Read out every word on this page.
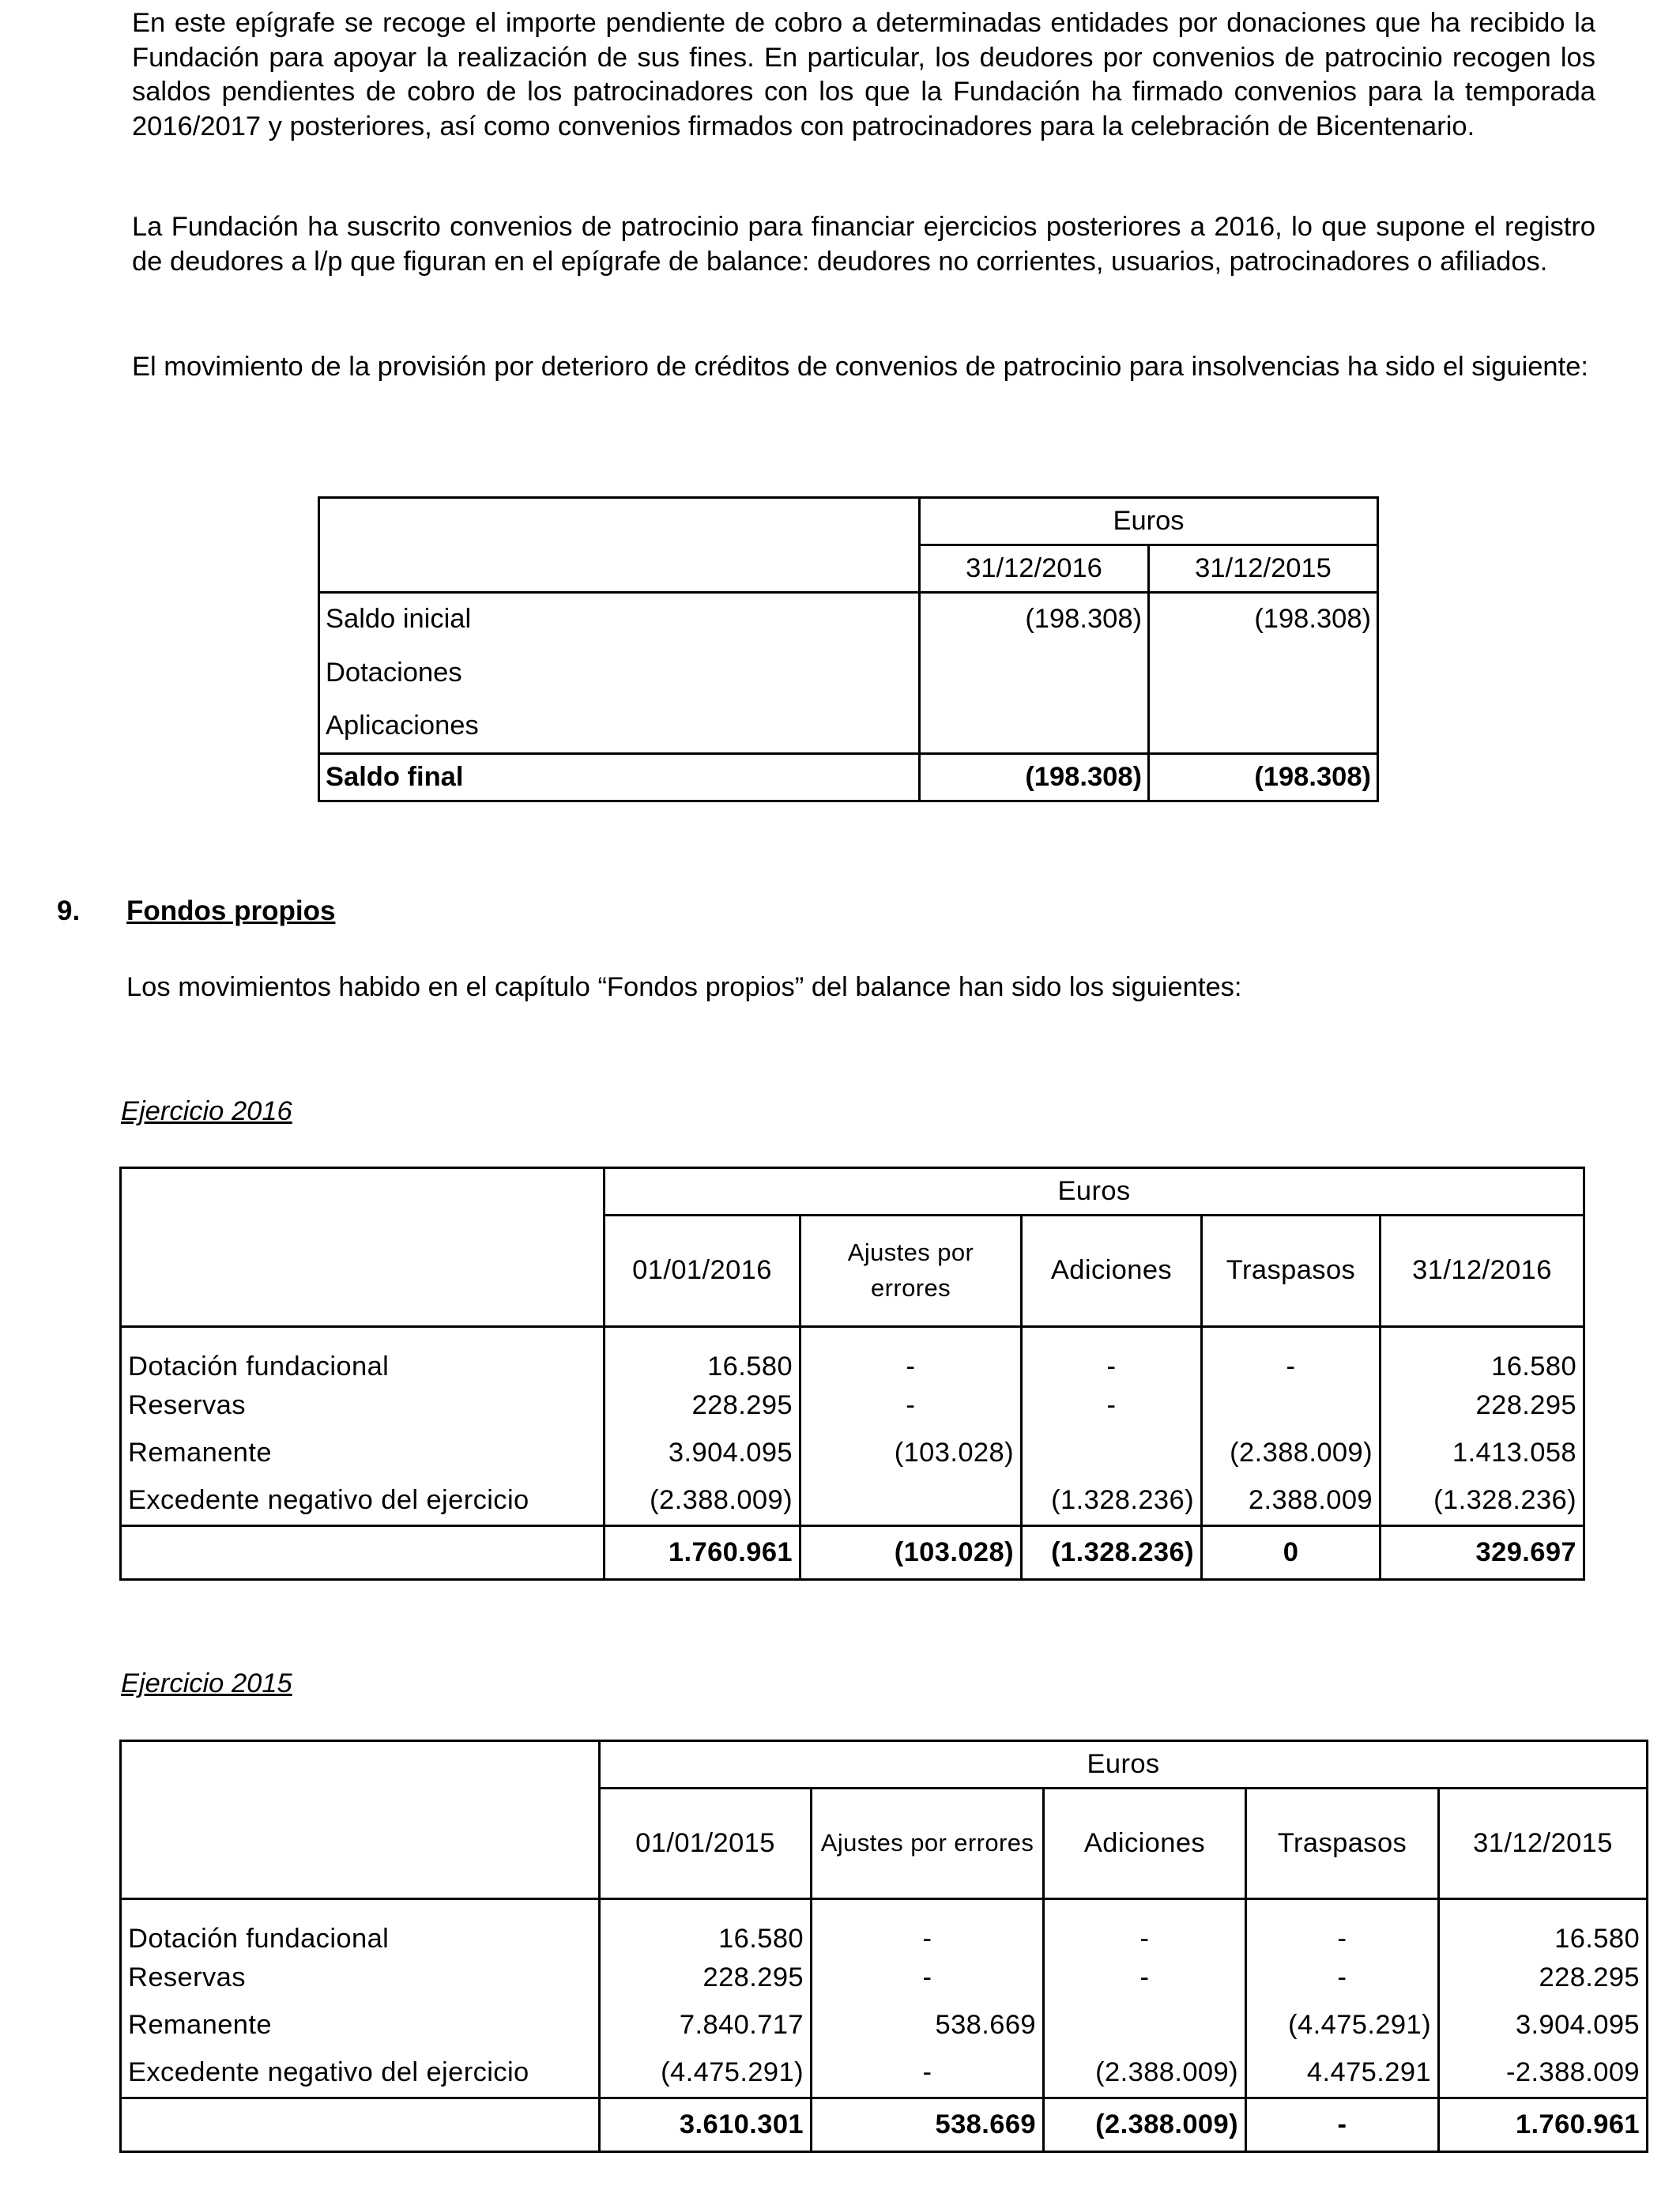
En este epígrafe se recoge el importe pendiente de cobro a determinadas entidades por donaciones que ha recibido la Fundación para apoyar la realización de sus fines. En particular, los deudores por convenios de patrocinio recogen los saldos pendientes de cobro de los patrocinadores con los que la Fundación ha firmado convenios para la temporada 2016/2017 y posteriores, así como convenios firmados con patrocinadores para la celebración de Bicentenario.

La Fundación ha suscrito convenios de patrocinio para financiar ejercicios posteriores a 2016, lo que supone el registro de deudores a l/p que figuran en el epígrafe de balance: deudores no corrientes, usuarios, patrocinadores o afiliados.

El movimiento de la provisión por deterioro de créditos de convenios de patrocinio para insolvencias ha sido el siguiente:

	Euros	
	31/12/2016	31/12/2015
Saldo inicial	(198.308)	(198.308)
Dotaciones		
Aplicaciones		
Saldo final	(198.308)	(198.308)
9. Fondos propios
Los movimientos habido en el capítulo “Fondos propios” del balance han sido los siguientes:
Ejercicio 2016
	Euros				
	01/01/2016	Ajustes por errores	Adiciones	Traspasos	31/12/2016
Dotación fundacional	16.580	-	-	-	16.580
Reservas	228.295	-	-		228.295
Remanente	3.904.095	(103.028)		(2.388.009)	1.413.058
Excedente negativo del ejercicio	(2.388.009)		(1.328.236)	2.388.009	(1.328.236)
	1.760.961	(103.028)	(1.328.236)	0	329.697
Ejercicio 2015
	Euros				
	01/01/2015	Ajustes por errores	Adiciones	Traspasos	31/12/2015
Dotación fundacional	16.580	-	-	-	16.580
Reservas	228.295	-	-	-	228.295
Remanente	7.840.717	538.669		(4.475.291)	3.904.095
Excedente negativo del ejercicio	(4.475.291)	-	(2.388.009)	4.475.291	-2.388.009
	3.610.301	538.669	(2.388.009)	-	1.760.961
